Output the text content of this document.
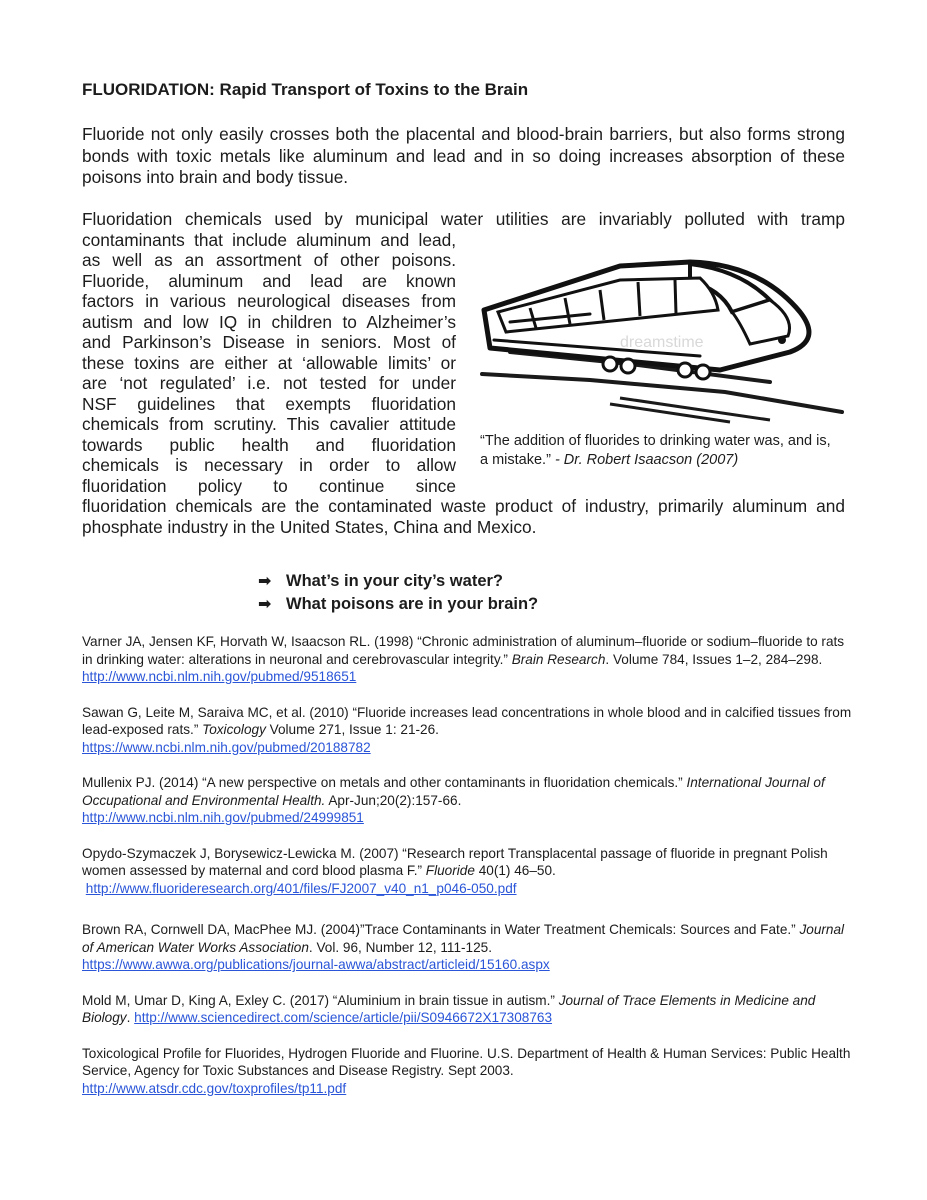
FLUORIDATION: Rapid Transport of Toxins to the Brain

Fluoride not only easily crosses both the placental and blood-brain barriers, but also forms strong bonds with toxic metals like aluminum and lead and in so doing increases absorption of these poisons into brain and body tissue.

Fluoridation chemicals used by municipal water utilities are invariably polluted with tramp
contaminants that include aluminum and lead,
as well as an assortment of other poisons.
Fluoride, aluminum and lead are known
factors in various neurological diseases from
autism and low IQ in children to Alzheimer’s
and Parkinson’s Disease in seniors. Most of
these toxins are either at ‘allowable limits’ or
are ‘not regulated’ i.e. not tested for under
NSF guidelines that exempts fluoridation
chemicals from scrutiny. This cavalier attitude
towards public health and fluoridation
chemicals is necessary in order to allow
fluoridation policy to continue since
fluoridation chemicals are the contaminated waste product of industry, primarily aluminum and
phosphate industry in the United States, China and Mexico.
dreamstime
“The addition of fluorides to drinking water was, and is, a mistake.” - Dr. Robert Isaacson (2007)
➡ What’s in your city’s water?
➡ What poisons are in your brain?

Varner JA, Jensen KF, Horvath W, Isaacson RL. (1998) “Chronic administration of aluminum–fluoride or sodium–fluoride to rats in drinking water: alterations in neuronal and cerebrovascular integrity.” Brain Research. Volume 784, Issues 1–2, 284–298. http://www.ncbi.nlm.nih.gov/pubmed/9518651

Sawan G, Leite M, Saraiva MC, et al. (2010) “Fluoride increases lead concentrations in whole blood and in calcified tissues from lead-exposed rats.” Toxicology Volume 271, Issue 1: 21-26.
https://www.ncbi.nlm.nih.gov/pubmed/20188782

Mullenix PJ. (2014) “A new perspective on metals and other contaminants in fluoridation chemicals.” International Journal of Occupational and Environmental Health. Apr-Jun;20(2):157-66.
http://www.ncbi.nlm.nih.gov/pubmed/24999851

Opydo-Szymaczek J, Borysewicz-Lewicka M. (2007) “Research report Transplacental passage of fluoride in pregnant Polish women assessed by maternal and cord blood plasma F.” Fluoride 40(1) 46–50.
http://www.fluorideresearch.org/401/files/FJ2007_v40_n1_p046-050.pdf

Brown RA, Cornwell DA, MacPhee MJ. (2004)”Trace Contaminants in Water Treatment Chemicals: Sources and Fate.” Journal of American Water Works Association. Vol. 96, Number 12, 111-125.
https://www.awwa.org/publications/journal-awwa/abstract/articleid/15160.aspx

Mold M, Umar D, King A, Exley C. (2017) “Aluminium in brain tissue in autism.” Journal of Trace Elements in Medicine and Biology. http://www.sciencedirect.com/science/article/pii/S0946672X17308763

Toxicological Profile for Fluorides, Hydrogen Fluoride and Fluorine. U.S. Department of Health & Human Services: Public Health Service, Agency for Toxic Substances and Disease Registry. Sept 2003.
http://www.atsdr.cdc.gov/toxprofiles/tp11.pdf
